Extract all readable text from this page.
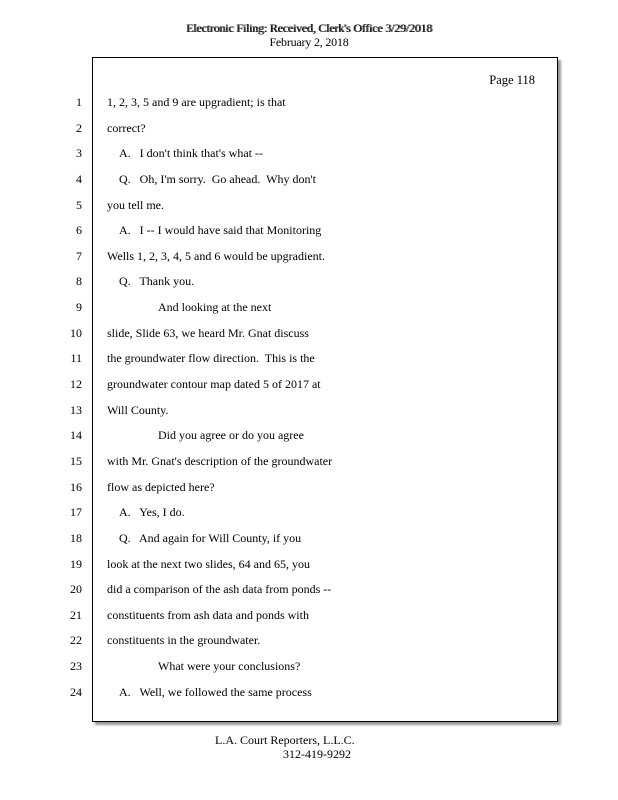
Electronic Filing: Received, Clerk's Office 3/29/2018
February 2, 2018
Page 118
1
2
3
4
5
6
7
8
9
10
11
12
13
14
15
16
17
18
19
20
21
22
23
24
1, 2, 3, 5 and 9 are upgradient; is that
correct?
A.   I don't think that's what --
Q.   Oh, I'm sorry.  Go ahead.  Why don't
you tell me.
A.   I -- I would have said that Monitoring
Wells 1, 2, 3, 4, 5 and 6 would be upgradient.
Q.   Thank you.
And looking at the next
slide, Slide 63, we heard Mr. Gnat discuss
the groundwater flow direction.  This is the
groundwater contour map dated 5 of 2017 at
Will County.
Did you agree or do you agree
with Mr. Gnat's description of the groundwater
flow as depicted here?
A.   Yes, I do.
Q.   And again for Will County, if you
look at the next two slides, 64 and 65, you
did a comparison of the ash data from ponds --
constituents from ash data and ponds with
constituents in the groundwater.
What were your conclusions?
A.   Well, we followed the same process
L.A. Court Reporters, L.L.C.
312-419-9292
